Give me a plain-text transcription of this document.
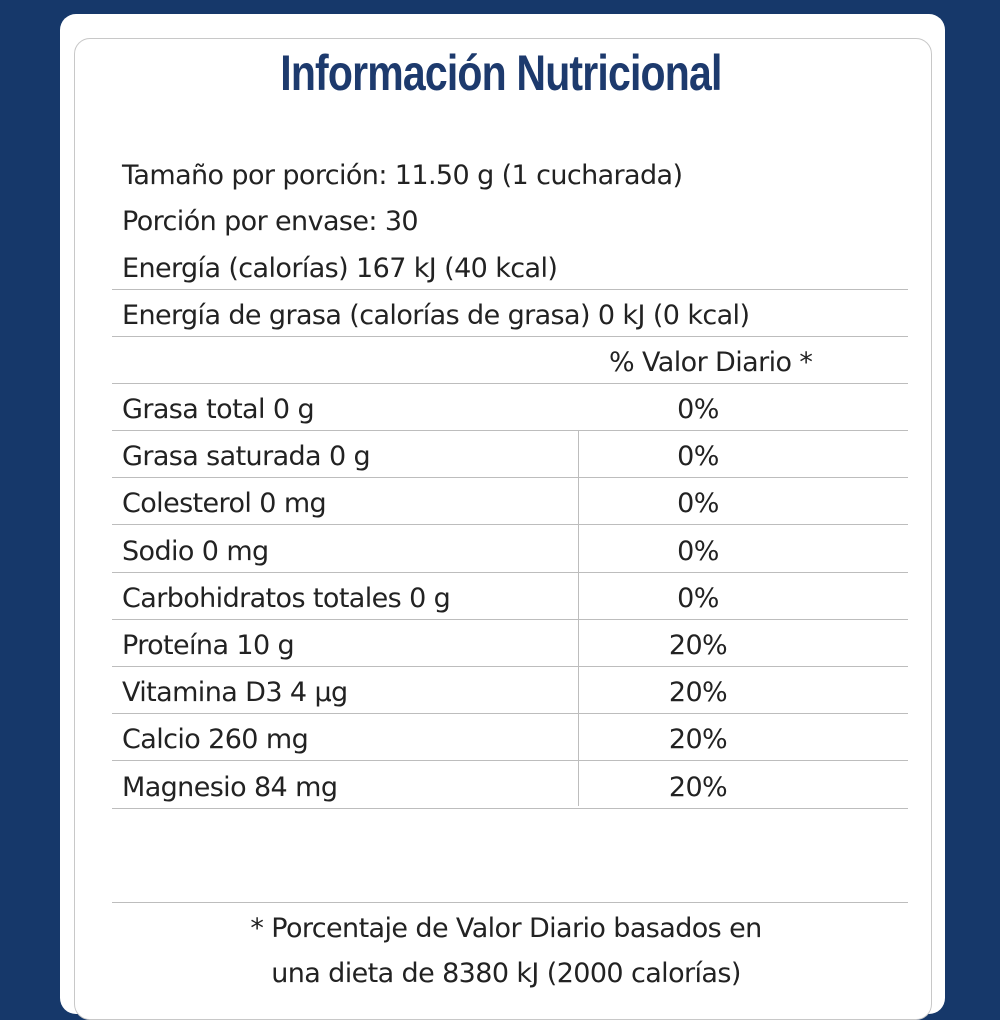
Información Nutricional
Tamaño por porción: 11.50 g (1 cucharada)
Porción por envase: 30
Energía (calorías) 167 kJ (40 kcal)
Energía de grasa (calorías de grasa) 0 kJ (0 kcal)
% Valor Diario *
Grasa total 0 g	0%
Grasa saturada 0 g	0%
Colesterol 0 mg	0%
Sodio 0 mg	0%
Carbohidratos totales 0 g	0%
Proteína 10 g	20%
Vitamina D3 4 µg	20%
Calcio 260 mg	20%
Magnesio 84 mg	20%
* Porcentaje de Valor Diario basados en
una dieta de 8380 kJ (2000 calorías)
